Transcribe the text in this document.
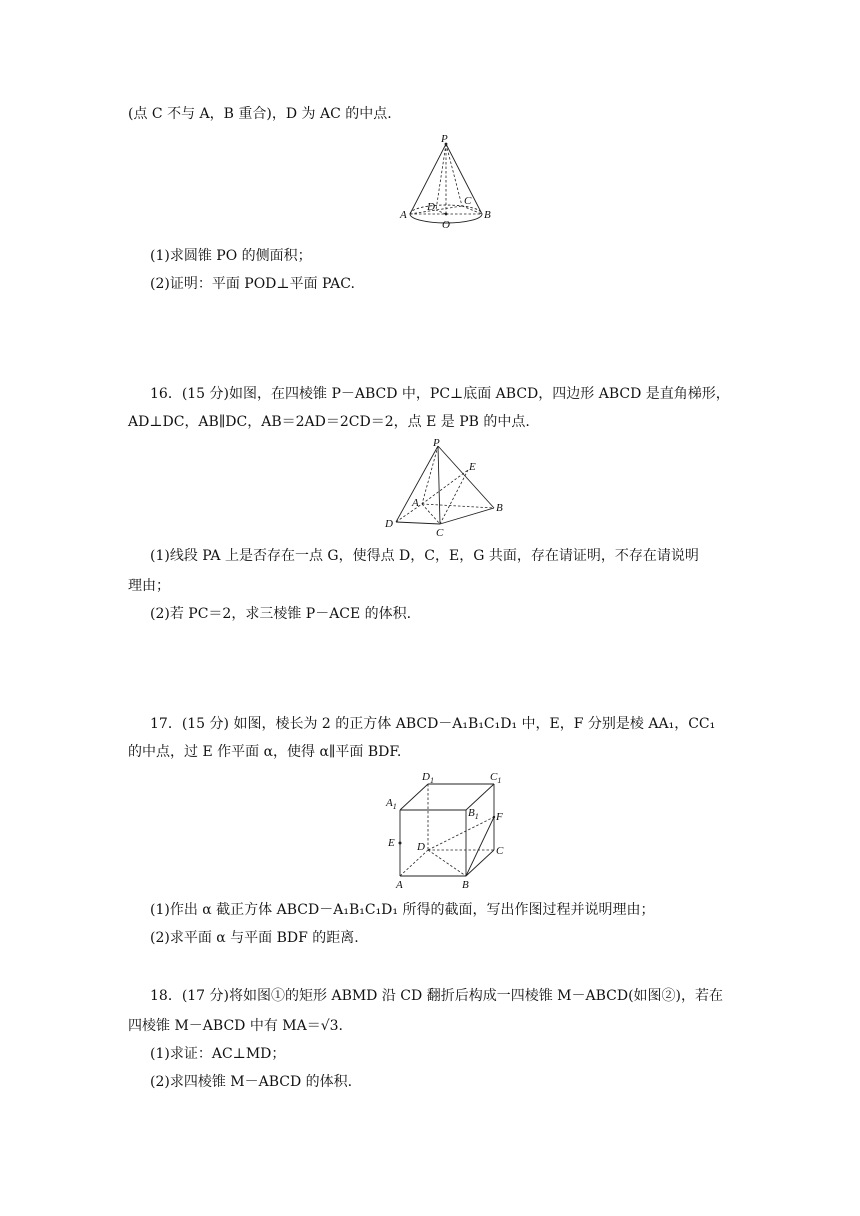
(点 C 不与 A，B 重合)，D 为 AC 的中点.
P
A	B
C
D
O
(1)求圆锥 PO 的侧面积；
(2)证明：平面 POD⊥平面 PAC.
16．(15 分)如图，在四棱锥 P－ABCD 中，PC⊥底面 ABCD，四边形 ABCD 是直角梯形，
AD⊥DC，AB∥DC，AB＝2AD＝2CD＝2，点 E 是 PB 的中点.
P
E
A	B
C
D
(1)线段 PA 上是否存在一点 G，使得点 D，C，E，G 共面，存在请证明，不存在请说明
理由；
(2)若 PC＝2，求三棱锥 P－ACE 的体积.
17．(15 分) 如图，棱长为 2 的正方体 ABCD－A₁B₁C₁D₁ 中，E，F 分别是棱 AA₁，CC₁
的中点，过 E 作平面 α，使得 α∥平面 BDF.
$D_1$	$C_1$
$A_1$
$B_1$ F
E D	C
A	B
(1)作出 α 截正方体 ABCD－A₁B₁C₁D₁ 所得的截面，写出作图过程并说明理由；
(2)求平面 α 与平面 BDF 的距离.
18．(17 分)将如图①的矩形 ABMD 沿 CD 翻折后构成一四棱锥 M－ABCD(如图②)，若在
四棱锥 M－ABCD 中有 MA＝√3.
(1)求证：AC⊥MD；
(2)求四棱锥 M－ABCD 的体积.
